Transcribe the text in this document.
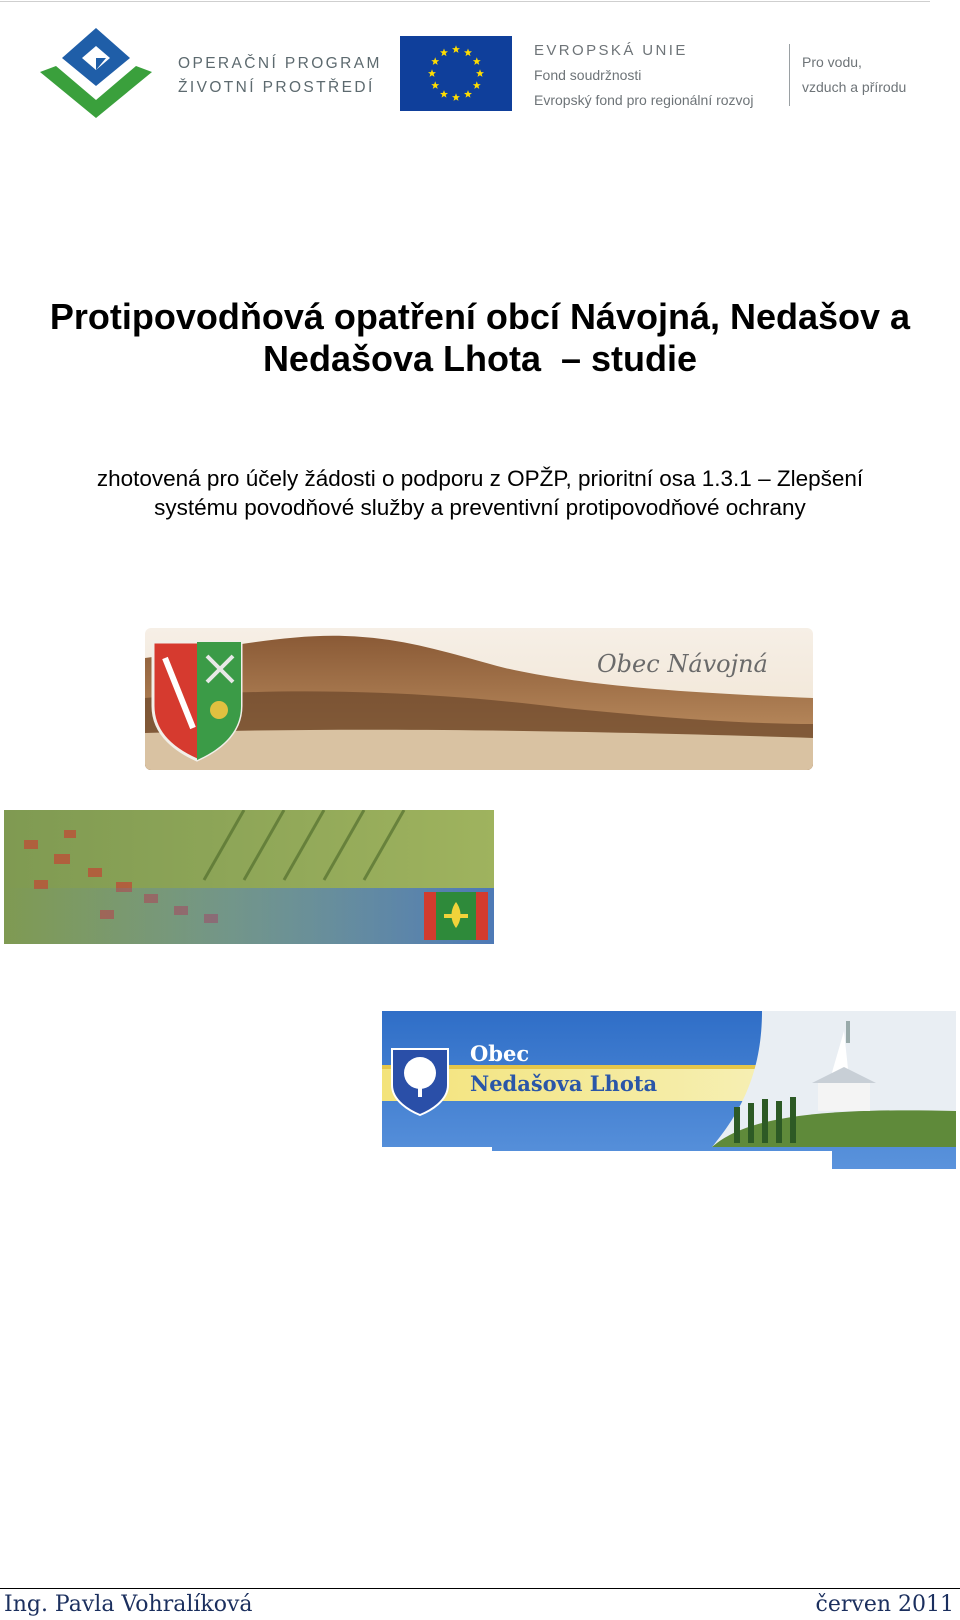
OPERAČNÍ PROGRAM
ŽIVOTNÍ PROSTŘEDÍ
EVROPSKÁ UNIE
Fond soudržnosti
Evropský fond pro regionální rozvoj
Pro vodu,
vzduch a přírodu
Protipovodňová opatření obcí Návojná, Nedašov a
Nedašova Lhota  – studie
zhotovená pro účely žádosti o podporu z OPŽP, prioritní osa 1.3.1 – Zlepšení
systému povodňové služby a preventivní protipovodňové ochrany
Obec Návojná
Obec
Nedašova Lhota
Ing. Pavla Vohralíková	červen 2011
